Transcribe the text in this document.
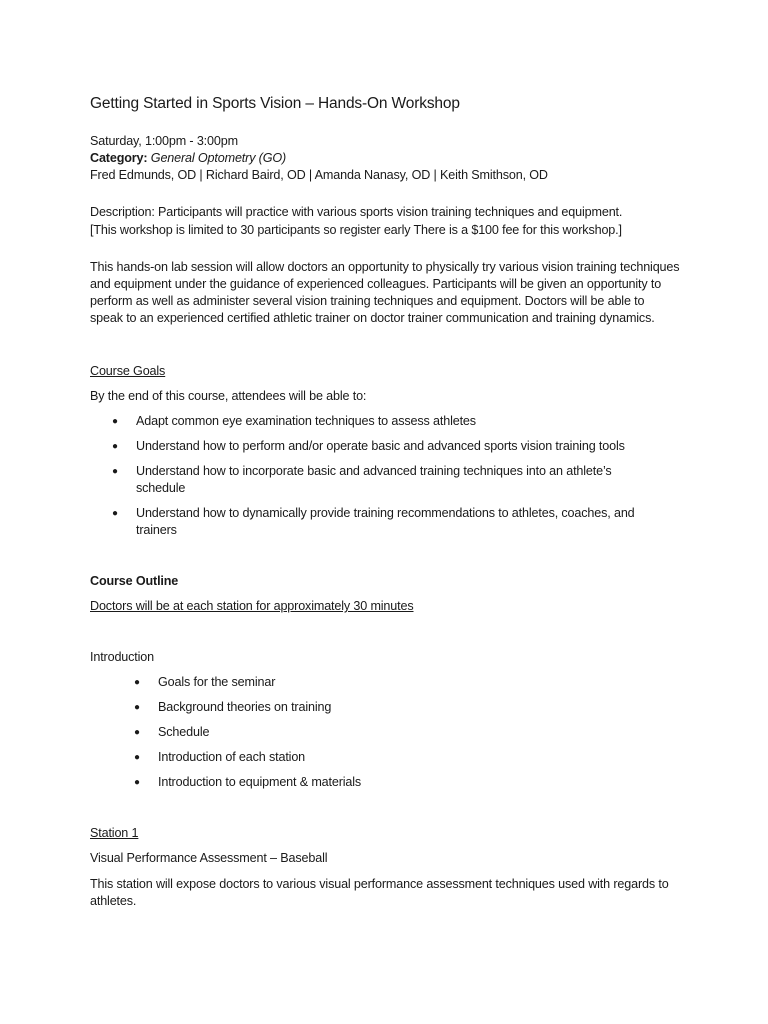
Getting Started in Sports Vision – Hands-On Workshop
Saturday, 1:00pm - 3:00pm
Category: General Optometry (GO)
Fred Edmunds, OD | Richard Baird, OD | Amanda Nanasy, OD | Keith Smithson, OD
Description: Participants will practice with various sports vision training techniques and equipment.
[This workshop is limited to 30 participants so register early There is a $100 fee for this workshop.]
This hands-on lab session will allow doctors an opportunity to physically try various vision training techniques and equipment under the guidance of experienced colleagues. Participants will be given an opportunity to perform as well as administer several vision training techniques and equipment. Doctors will be able to speak to an experienced certified athletic trainer on doctor trainer communication and training dynamics.
Course Goals
By the end of this course, attendees will be able to:
● Adapt common eye examination techniques to assess athletes
● Understand how to perform and/or operate basic and advanced sports vision training tools
● Understand how to incorporate basic and advanced training techniques into an athlete’s schedule
● Understand how to dynamically provide training recommendations to athletes, coaches, and trainers
Course Outline
Doctors will be at each station for approximately 30 minutes
Introduction
● Goals for the seminar
● Background theories on training
● Schedule
● Introduction of each station
● Introduction to equipment & materials
Station 1
Visual Performance Assessment – Baseball
This station will expose doctors to various visual performance assessment techniques used with regards to athletes.
